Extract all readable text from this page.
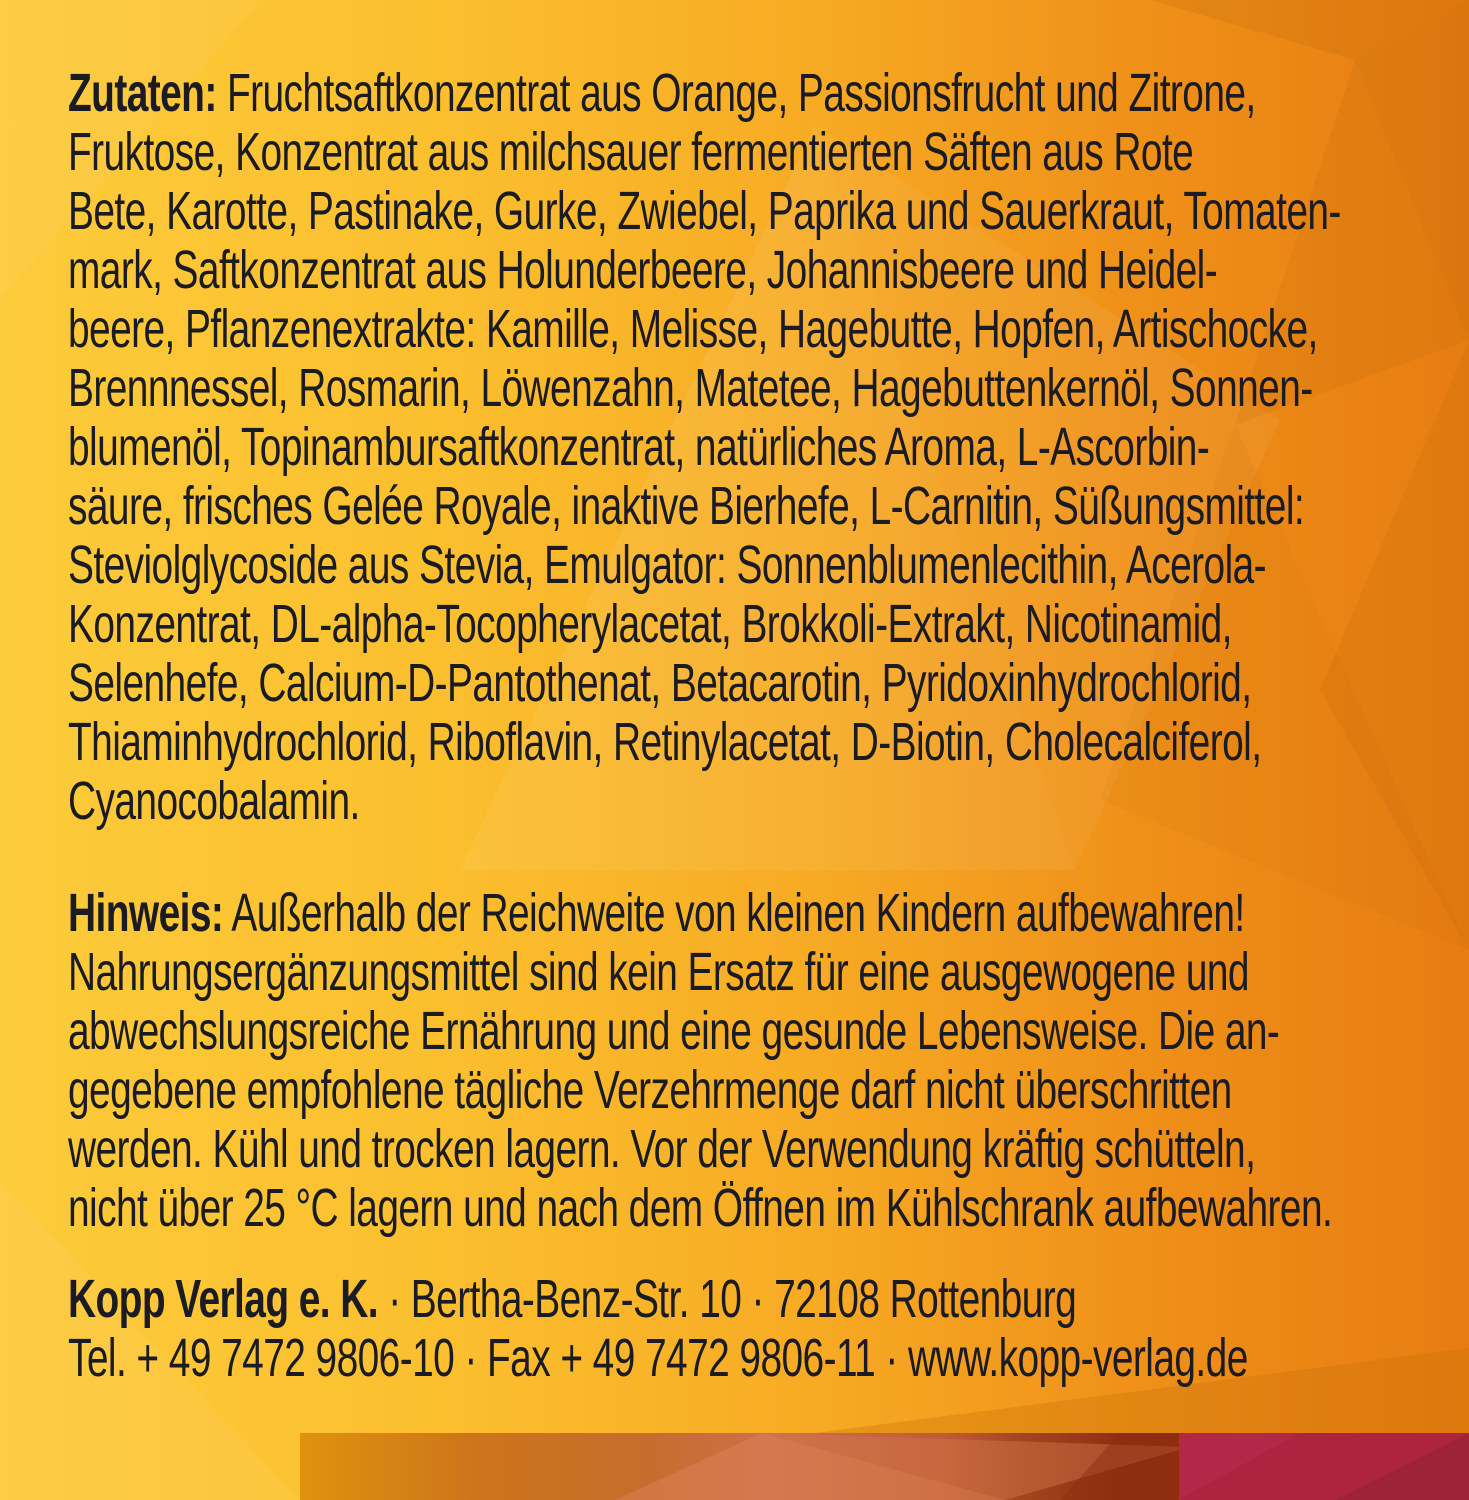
Zutaten: Fruchtsaftkonzentrat aus Orange, Passionsfrucht und Zitrone,
Fruktose, Konzentrat aus milchsauer fermentierten Säften aus Rote
Bete, Karotte, Pastinake, Gurke, Zwiebel, Paprika und Sauerkraut, Tomaten-
mark, Saftkonzentrat aus Holunderbeere, Johannisbeere und Heidel-
beere, Pflanzenextrakte: Kamille, Melisse, Hagebutte, Hopfen, Artischocke,
Brennnessel, Rosmarin, Löwenzahn, Matetee, Hagebuttenkernöl, Sonnen-
blumenöl, Topinambursaftkonzentrat, natürliches Aroma, L-Ascorbin-
säure, frisches Gelée Royale, inaktive Bierhefe, L-Carnitin, Süßungsmittel:
Steviolglycoside aus Stevia, Emulgator: Sonnenblumenlecithin, Acerola-
Konzentrat, DL-alpha-Tocopherylacetat, Brokkoli-Extrakt, Nicotinamid,
Selenhefe, Calcium-D-Pantothenat, Betacarotin, Pyridoxinhydrochlorid,
Thiaminhydrochlorid, Riboflavin, Retinylacetat, D-Biotin, Cholecalciferol,
Cyanocobalamin.
Hinweis: Außerhalb der Reichweite von kleinen Kindern aufbewahren!
Nahrungsergänzungsmittel sind kein Ersatz für eine ausgewogene und
abwechslungsreiche Ernährung und eine gesunde Lebensweise. Die an-
gegebene empfohlene tägliche Verzehrmenge darf nicht überschritten
werden. Kühl und trocken lagern. Vor der Verwendung kräftig schütteln,
nicht über 25 °C lagern und nach dem Öffnen im Kühlschrank aufbewahren.
Kopp Verlag e. K. · Bertha-Benz-Str. 10 · 72108 Rottenburg
Tel. + 49 7472 9806-10 · Fax + 49 7472 9806-11 · www.kopp-verlag.de
